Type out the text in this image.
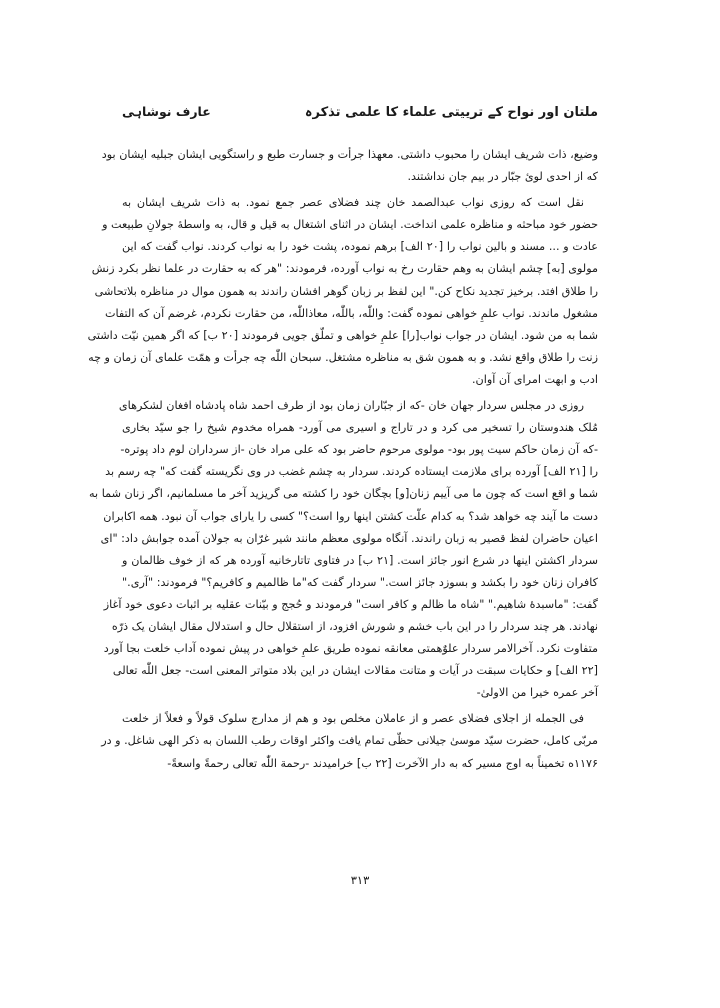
ملتان اور نواح کے ترییتی علماء کا علمی تذکرہ
عارف نوشاہی
وضیع، ذات شریف ایشان را محبوب داشتی. معهذا جرأت و جسارت طبع و راستگویی ایشان جبلیه ایشان بود
که از احدی لویٔ جبّار در بیم جان نداشتند.
نقل است که روزی نواب عبدالصمد خان چند فضلای عصر جمع نمود. به ذات شریف ایشان به
حضور خود مباحثه و مناظره علمی انداخت. ایشان در اثنای اشتغال به قیل و قال، به واسطهٔ جولانِ طبیعت و
عادت و ... مسند و بالین نواب را [۲۰ الف] برهم نموده، پشت خود را به نواب کردند. نواب گفت که این
مولوی [به] چشم ایشان به وهم حقارت رخ به نواب آورده، فرمودند: "هر که به حقارت در علما نظر بکرد زنش
را طلاق افتد. برخیز تجدید نکاح کن." این لفظ بر زبان گوهر افشان راندند به همون موال در مناظره بلاتحاشی
مشغول ماندند. نواب علمِ خواهی نموده گفت: واللّٰه، باللّٰه، معاذاللّٰه، من حقارت نکردم، غرضم آن که التفات
شما به من شود. ایشان در جواب نواب[را] علمِ خواهی و تملّق جویی فرمودند [۲۰ ب] که اگر همین نیّت داشتی
زنت را طلاق واقع نشد. و به همون شق به مناظره مشتغل. سبحان اللّٰه چه جرأت و همّت علمای آن زمان و چه
ادب و ابهت امرای آن آوان.
روزی در مجلس سردار جهان خان -که از جبّاران زمان بود از طرف احمد شاه پادشاه افغان لشکرهای
مُلک هندوستان را تسخیر می کرد و در تاراج و اسیری می آورد- همراه مخدوم شیخ را جو سیّد بخاری
-که آن زمان حاکم سیت پور بود- مولوی مرحوم حاضر بود که علی مراد خان -از سرداران لوم داد پوتره-
را [۲۱ الف] آورده برای ملازمت ایستاده کردند. سردار به چشم غضب در وی نگریسته گفت که" چه رسم بد
شما و اقع است که چون ما می آییم زنان[و] بچگان خود را کشته می گریزید آخر ما مسلمانیم، اگر زنان شما به
دست ما آیند چه خواهد شد؟ به کدام علّت کشتن اینها روا است؟" کسی را یارای جواب آن نبود. همه اکابران
اعیان حاضران لفظ قصیر به زبان راندند. آنگاه مولوی معظم مانند شیر غرّان به جولان آمده جوابش داد: "ای
سردار اکشتن اینها در شرع انور جائز است. [۲۱ ب] در فتاوی تاتارخانیه آورده هر که از خوف ظالمان و
کافران زنان خود را بکشد و بسوزد جائز است." سردار گفت که"ما ظالمیم و کافریم؟" فرمودند: "آری."
گفت: "ماسبدهٔ شاهیم." "شاه ما ظالم و کافر است" فرمودند و حُجج و بیّنات عقلیه بر اثبات دعوی خود آغاز
نهادند. هر چند سردار را در این باب خشم و شورش افزود، از استقلال حال و استدلال مقال ایشان یک ذرّه
متفاوت نکرد. آخرالامر سردار علوٌهمتی معانقه نموده طریق علمِ خواهی در پیش نموده آداب خلعت بجا آورد
[۲۲ الف] و حکایات سبقت در آیات و متانت مقالات ایشان در این بلاد متواتر المعنی است- جعل اللّٰه تعالی
آخر عمره خیرا من الاولیٰ-
فی الجمله از اجلای فضلای عصر و از عاملان مخلص بود و هم از مدارج سلوک قولاً و فعلاً از خلعت
مربّی کامل، حضرت سیّد موسیٰ جیلانی حظّی تمام یافت واکثر اوقات رطب اللسان به ذکر الهی شاغل. و در
۱۱۷۶ه تخمیناً به اوج مسیر که به دار الآخرت [۲۲ ب] خرامیدند -رحمة اللّٰه تعالی رحمةً واسعةً-
۳۱۳
